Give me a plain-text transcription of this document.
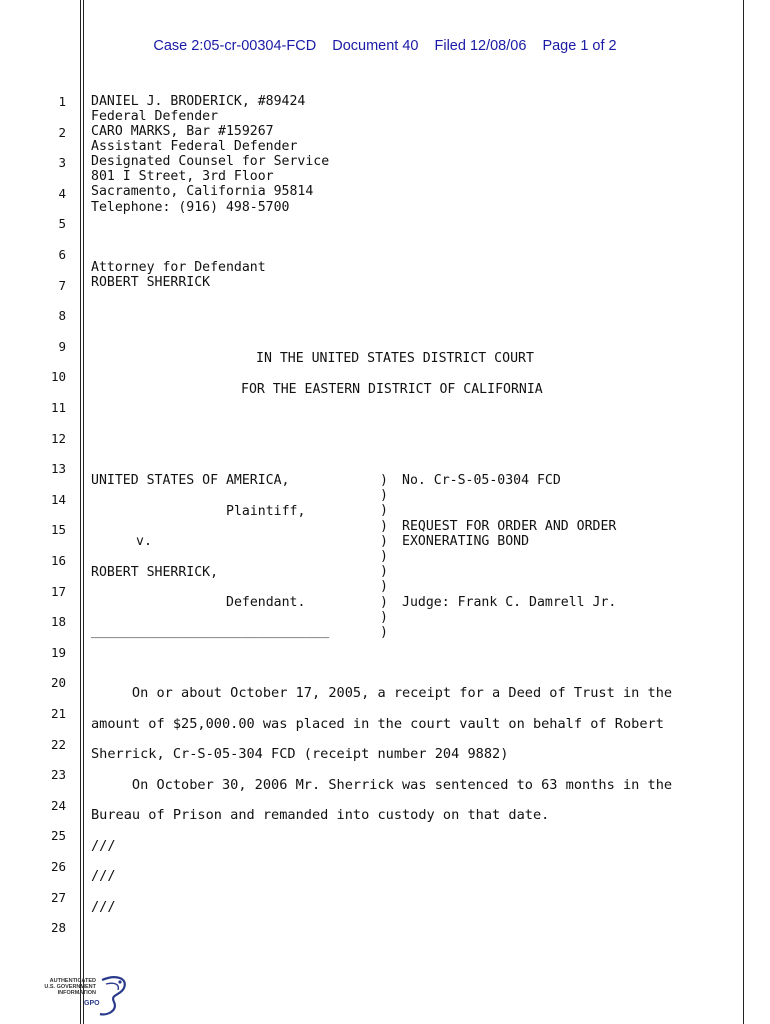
Case 2:05-cr-00304-FCD Document 40 Filed 12/08/06 Page 1 of 2
1
2
3
4
5
6
7
8
9
10
11
12
13
14
15
16
17
18
19
20
21
22
23
24
25
26
27
28
DANIEL J. BRODERICK, #89424
Federal Defender
CARO MARKS, Bar #159267
Assistant Federal Defender
Designated Counsel for Service
801 I Street, 3rd Floor
Sacramento, California 95814
Telephone: (916) 498-5700
Attorney for Defendant
ROBERT SHERRICK
IN THE UNITED STATES DISTRICT COURT
FOR THE EASTERN DISTRICT OF CALIFORNIA
UNITED STATES OF AMERICA,
Plaintiff,
v.
ROBERT SHERRICK,
Defendant.
______________________________
)
)
)
)
)
)
)
)
)
)
)
No. Cr-S-05-0304 FCD
REQUEST FOR ORDER AND ORDER
EXONERATING BOND
Judge: Frank C. Damrell Jr.
On or about October 17, 2005, a receipt for a Deed of Trust in the
amount of $25,000.00 was placed in the court vault on behalf of Robert
Sherrick, Cr-S-05-304 FCD (receipt number 204 9882)
On October 30, 2006 Mr. Sherrick was sentenced to 63 months in the
Bureau of Prison and remanded into custody on that date.
///
///
///
AUTHENTICATED U.S. GOVERNMENT INFORMATION
GPO
